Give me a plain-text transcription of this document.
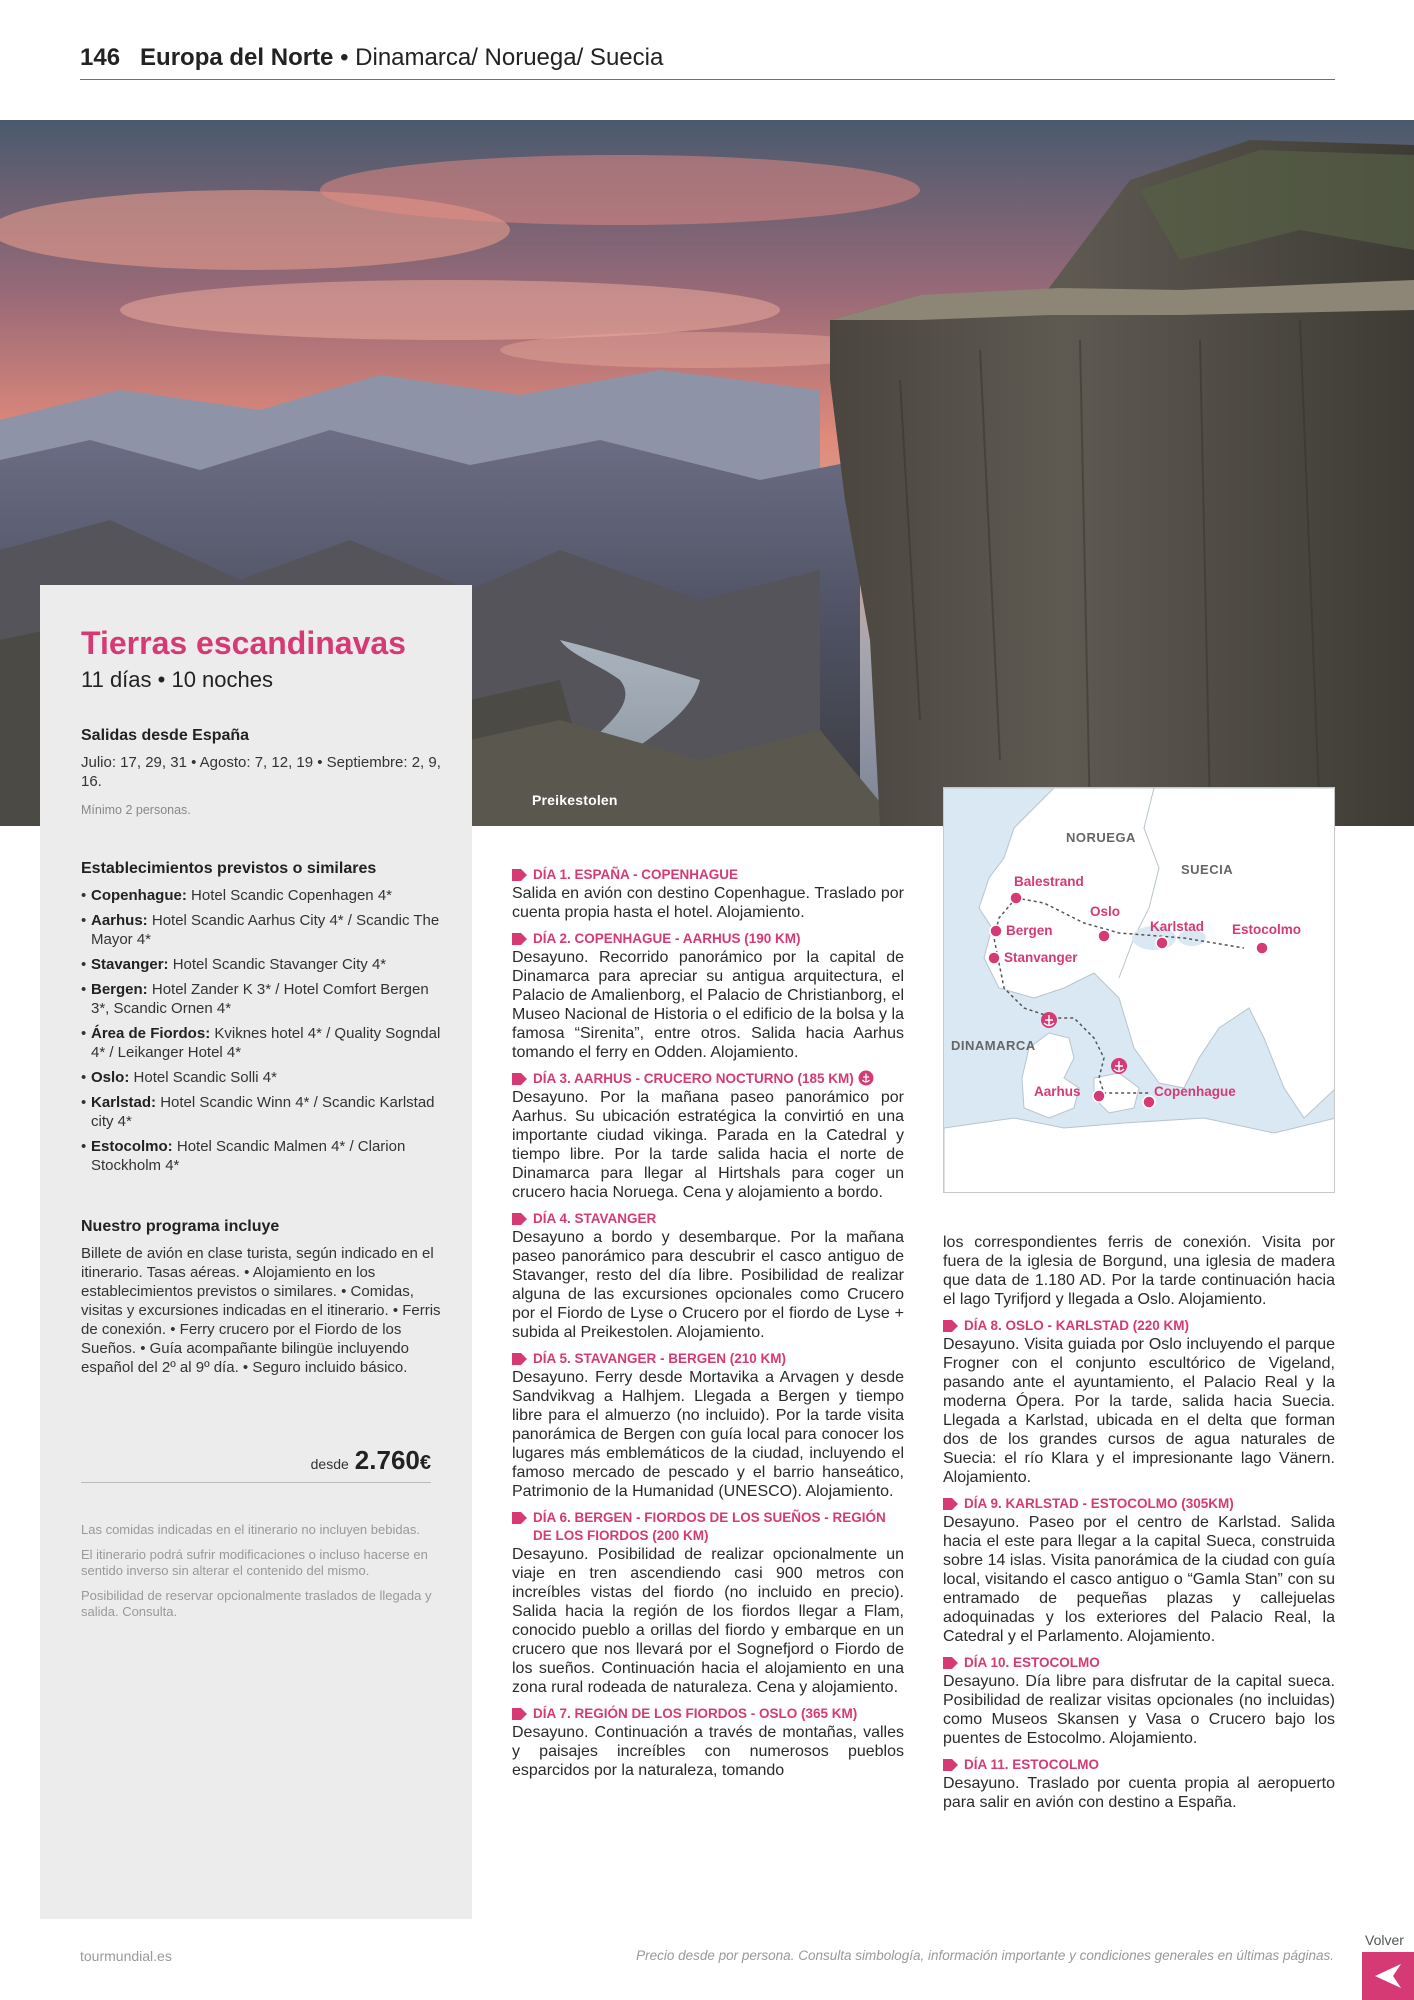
146 Europa del Norte • Dinamarca/ Noruega/ Suecia
Preikestolen
Tierras escandinavas
11 días • 10 noches
Salidas desde España

Julio: 17, 29, 31 • Agosto: 7, 12, 19 • Septiembre: 2, 9, 16.

Mínimo 2 personas.

Establecimientos previstos o similares
• Copenhague: Hotel Scandic Copenhagen 4*
• Aarhus: Hotel Scandic Aarhus City 4* / Scandic The Mayor 4*
• Stavanger: Hotel Scandic Stavanger City 4*
• Bergen: Hotel Zander K 3* / Hotel Comfort Bergen 3*, Scandic Ornen 4*
• Área de Fiordos: Kviknes hotel 4* / Quality Sogndal 4* / Leikanger Hotel 4*
• Oslo: Hotel Scandic Solli 4*
• Karlstad: Hotel Scandic Winn 4* / Scandic Karlstad city 4*
• Estocolmo: Hotel Scandic Malmen 4* / Clarion Stockholm 4*
Nuestro programa incluye

Billete de avión en clase turista, según indicado en el itinerario. Tasas aéreas. • Alojamiento en los establecimientos previstos o similares. • Comidas, visitas y excursiones indicadas en el itinerario. • Ferris de conexión. • Ferry crucero por el Fiordo de los Sueños. • Guía acompañante bilingüe incluyendo español del 2º al 9º día. • Seguro incluido básico.

desde 2.760€

Las comidas indicadas en el itinerario no incluyen bebidas.

El itinerario podrá sufrir modificaciones o incluso hacerse en sentido inverso sin alterar el contenido del mismo.

Posibilidad de reservar opcionalmente traslados de llegada y salida. Consulta.

NORUEGA
SUECIA
DINAMARCA
Balestrand
Bergen
Stanvanger
Oslo
Karlstad Estocolmo
Aarhus	Copenhague
DÍA 1. ESPAÑA - COPENHAGUE

Salida en avión con destino Copenhague. Traslado por cuenta propia hasta el hotel. Alojamiento.

DÍA 2. COPENHAGUE - AARHUS (190 KM)

Desayuno. Recorrido panorámico por la capital de Dinamarca para apreciar su antigua arquitectura, el Palacio de Amalienborg, el Palacio de Christianborg, el Museo Nacional de Historia o el edificio de la bolsa y la famosa “Sirenita”, entre otros. Salida hacia Aarhus tomando el ferry en Odden. Alojamiento.

DÍA 3. AARHUS - CRUCERO NOCTURNO (185 KM)

Desayuno. Por la mañana paseo panorámico por Aarhus. Su ubicación estratégica la convirtió en una importante ciudad vikinga. Parada en la Catedral y tiempo libre. Por la tarde salida hacia el norte de Dinamarca para llegar al Hirtshals para coger un crucero hacia Noruega. Cena y alojamiento a bordo.

DÍA 4. STAVANGER

Desayuno a bordo y desembarque. Por la mañana paseo panorámico para descubrir el casco antiguo de Stavanger, resto del día libre. Posibilidad de realizar alguna de las excursiones opcionales como Crucero por el Fiordo de Lyse o Crucero por el fiordo de Lyse + subida al Preikestolen. Alojamiento.

DÍA 5. STAVANGER - BERGEN (210 KM)

Desayuno. Ferry desde Mortavika a Arvagen y desde Sandvikvag a Halhjem. Llegada a Bergen y tiempo libre para el almuerzo (no incluido). Por la tarde visita panorámica de Bergen con guía local para conocer los lugares más emblemáticos de la ciudad, incluyendo el famoso mercado de pescado y el barrio hanseático, Patrimonio de la Humanidad (UNESCO). Alojamiento.

DÍA 6. BERGEN - FIORDOS DE LOS SUEÑOS - REGIÓN DE LOS FIORDOS (200 KM)

Desayuno. Posibilidad de realizar opcionalmente un viaje en tren ascendiendo casi 900 metros con increíbles vistas del fiordo (no incluido en precio). Salida hacia la región de los fiordos llegar a Flam, conocido pueblo a orillas del fiordo y embarque en un crucero que nos llevará por el Sognefjord o Fiordo de los sueños. Continuación hacia el alojamiento en una zona rural rodeada de naturaleza. Cena y alojamiento.

DÍA 7. REGIÓN DE LOS FIORDOS - OSLO (365 KM)

Desayuno. Continuación a través de montañas, valles y paisajes increíbles con numerosos pueblos esparcidos por la naturaleza, tomando

los correspondientes ferris de conexión. Visita por fuera de la iglesia de Borgund, una iglesia de madera que data de 1.180 AD. Por la tarde continuación hacia el lago Tyrifjord y llegada a Oslo. Alojamiento.

DÍA 8. OSLO - KARLSTAD (220 KM)

Desayuno. Visita guiada por Oslo incluyendo el parque Frogner con el conjunto escultórico de Vigeland, pasando ante el ayuntamiento, el Palacio Real y la moderna Ópera. Por la tarde, salida hacia Suecia. Llegada a Karlstad, ubicada en el delta que forman dos de los grandes cursos de agua naturales de Suecia: el río Klara y el impresionante lago Vänern. Alojamiento.

DÍA 9. KARLSTAD - ESTOCOLMO (305KM)

Desayuno. Paseo por el centro de Karlstad. Salida hacia el este para llegar a la capital Sueca, construida sobre 14 islas. Visita panorámica de la ciudad con guía local, visitando el casco antiguo o “Gamla Stan” con su entramado de pequeñas plazas y callejuelas adoquinadas y los exteriores del Palacio Real, la Catedral y el Parlamento. Alojamiento.

DÍA 10. ESTOCOLMO

Desayuno. Día libre para disfrutar de la capital sueca. Posibilidad de realizar visitas opcionales (no incluidas) como Museos Skansen y Vasa o Crucero bajo los puentes de Estocolmo. Alojamiento.

DÍA 11. ESTOCOLMO

Desayuno. Traslado por cuenta propia al aeropuerto para salir en avión con destino a España.

tourmundial.es	Precio desde por persona. Consulta simbología, información importante y condiciones generales en últimas páginas.
Volver
